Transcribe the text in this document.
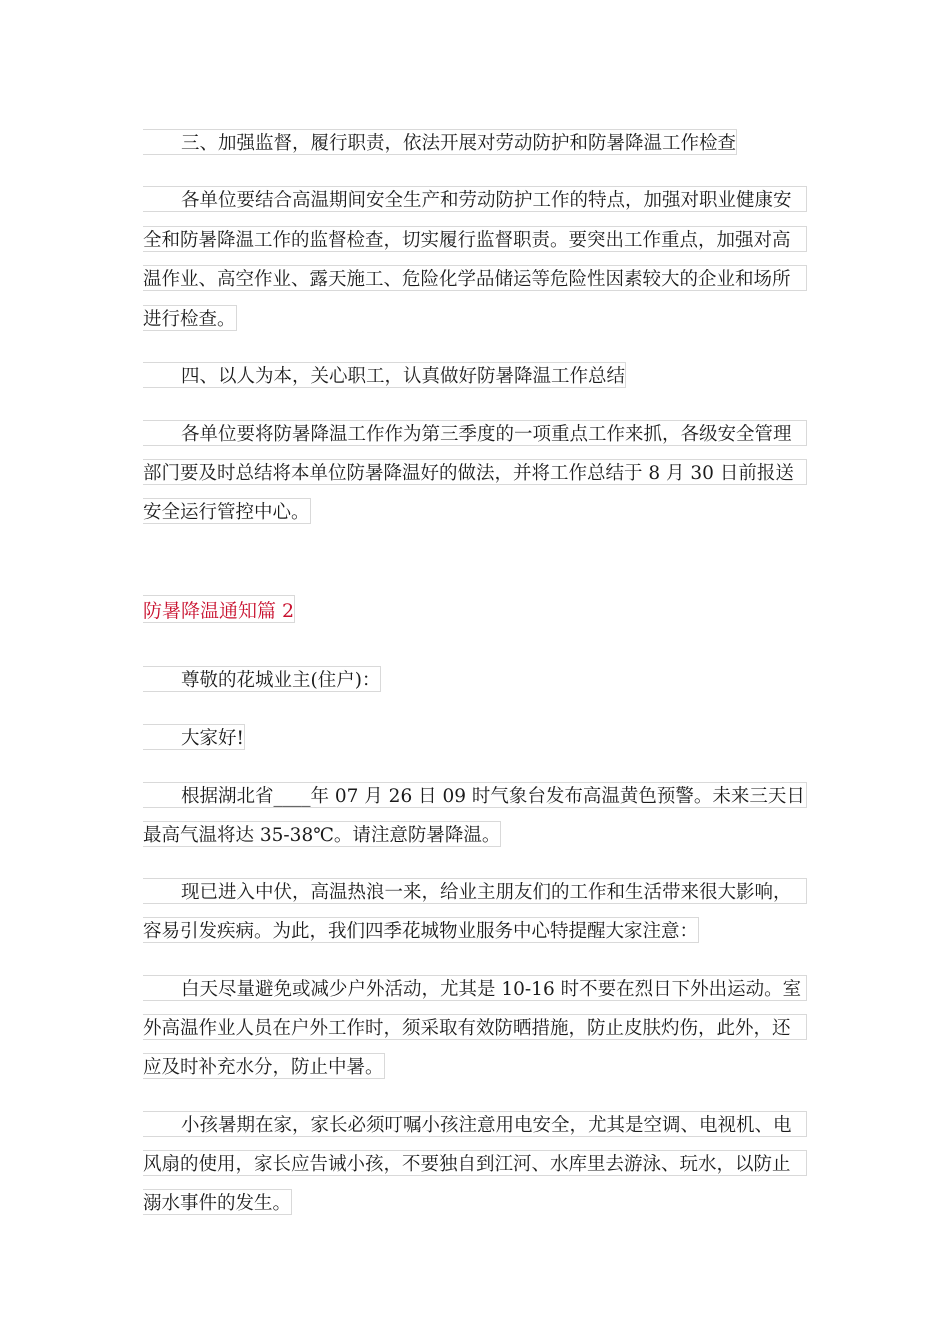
三、加强监督，履行职责，依法开展对劳动防护和防暑降温工作检查
各单位要结合高温期间安全生产和劳动防护工作的特点，加强对职业健康安
全和防暑降温工作的监督检查，切实履行监督职责。要突出工作重点，加强对高
温作业、高空作业、露天施工、危险化学品储运等危险性因素较大的企业和场所
进行检查。
四、以人为本，关心职工，认真做好防暑降温工作总结
各单位要将防暑降温工作作为第三季度的一项重点工作来抓，各级安全管理
部门要及时总结将本单位防暑降温好的做法，并将工作总结于 8 月 30 日前报送
安全运行管控中心。
防暑降温通知篇 2
尊敬的花城业主(住户)：
大家好!
根据湖北省____年 07 月 26 日 09 时气象台发布高温黄色预警。未来三天日
最高气温将达 35-38℃。请注意防暑降温。
现已进入中伏，高温热浪一来，给业主朋友们的工作和生活带来很大影响，
容易引发疾病。为此，我们四季花城物业服务中心特提醒大家注意：
白天尽量避免或减少户外活动，尤其是 10-16 时不要在烈日下外出运动。室
外高温作业人员在户外工作时，须采取有效防晒措施，防止皮肤灼伤，此外，还
应及时补充水分，防止中暑。
小孩暑期在家，家长必须叮嘱小孩注意用电安全，尤其是空调、电视机、电
风扇的使用，家长应告诫小孩，不要独自到江河、水库里去游泳、玩水，以防止
溺水事件的发生。
